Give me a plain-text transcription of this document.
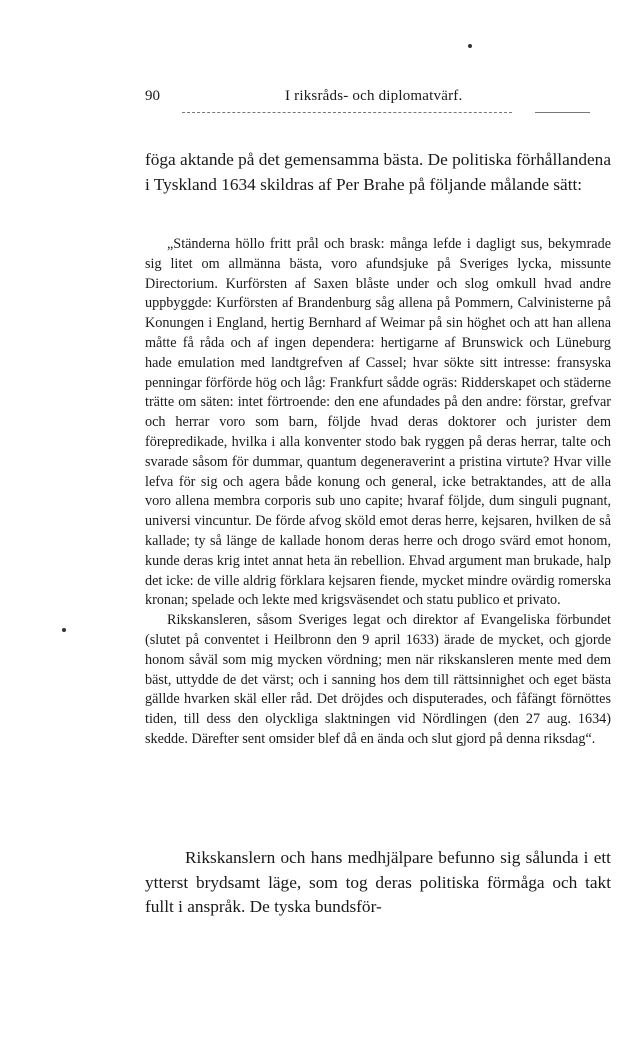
90	I riksråds- och diplomatvärf.

föga aktande på det gemensamma bästa. De politiska förhållandena i Tyskland 1634 skildras af Per Brahe på följande målande sätt:

„Ständerna höllo fritt prål och brask: många lefde i dagligt sus, bekymrade sig litet om allmänna bästa, voro afundsjuke på Sveriges lycka, missunte Directorium. Kurförsten af Saxen blåste under och slog omkull hvad andre uppbyggde: Kurförsten af Brandenburg såg allena på Pommern, Calvinisterne på Konungen i England, hertig Bernhard af Weimar på sin höghet och att han allena måtte få råda och af ingen dependera: hertigarne af Brunswick och Lüneburg hade emulation med landtgrefven af Cassel; hvar sökte sitt intresse: fransyska penningar förförde hög och låg: Frankfurt sådde ogräs: Ridderskapet och städerne trätte om säten: intet förtroende: den ene afundades på den andre: förstar, grefvar och herrar voro som barn, följde hvad deras doktorer och jurister dem förepredikade, hvilka i alla konventer stodo bak ryggen på deras herrar, talte och svarade såsom för dummar, quantum degeneraverint a pristina virtute? Hvar ville lefva för sig och agera både konung och general, icke betraktandes, att de alla voro allena membra corporis sub uno capite; hvaraf följde, dum singuli pugnant, universi vincuntur. De förde afvog sköld emot deras herre, kejsaren, hvilken de så kallade; ty så länge de kallade honom deras herre och drogo svärd emot honom, kunde deras krig intet annat heta än rebellion. Ehvad argument man brukade, halp det icke: de ville aldrig förklara kejsaren fiende, mycket mindre ovärdig romerska kronan; spelade och lekte med krigsväsendet och statu publico et privato.

Rikskansleren, såsom Sveriges legat och direktor af Evangeliska förbundet (slutet på conventet i Heilbronn den 9 april 1633) ärade de mycket, och gjorde honom såväl som mig mycken vördning; men när rikskansleren mente med dem bäst, uttydde de det värst; och i sanning hos dem till rättsinnighet och eget bästa gällde hvarken skäl eller råd. Det dröjdes och disputerades, och fåfängt förnöttes tiden, till dess den olyckliga slaktningen vid Nördlingen (den 27 aug. 1634) skedde. Därefter sent omsider blef då en ända och slut gjord på denna riksdag“.

Rikskanslern och hans medhjälpare befunno sig sålunda i ett ytterst brydsamt läge, som tog deras politiska förmåga och takt fullt i anspråk. De tyska bundsför-
